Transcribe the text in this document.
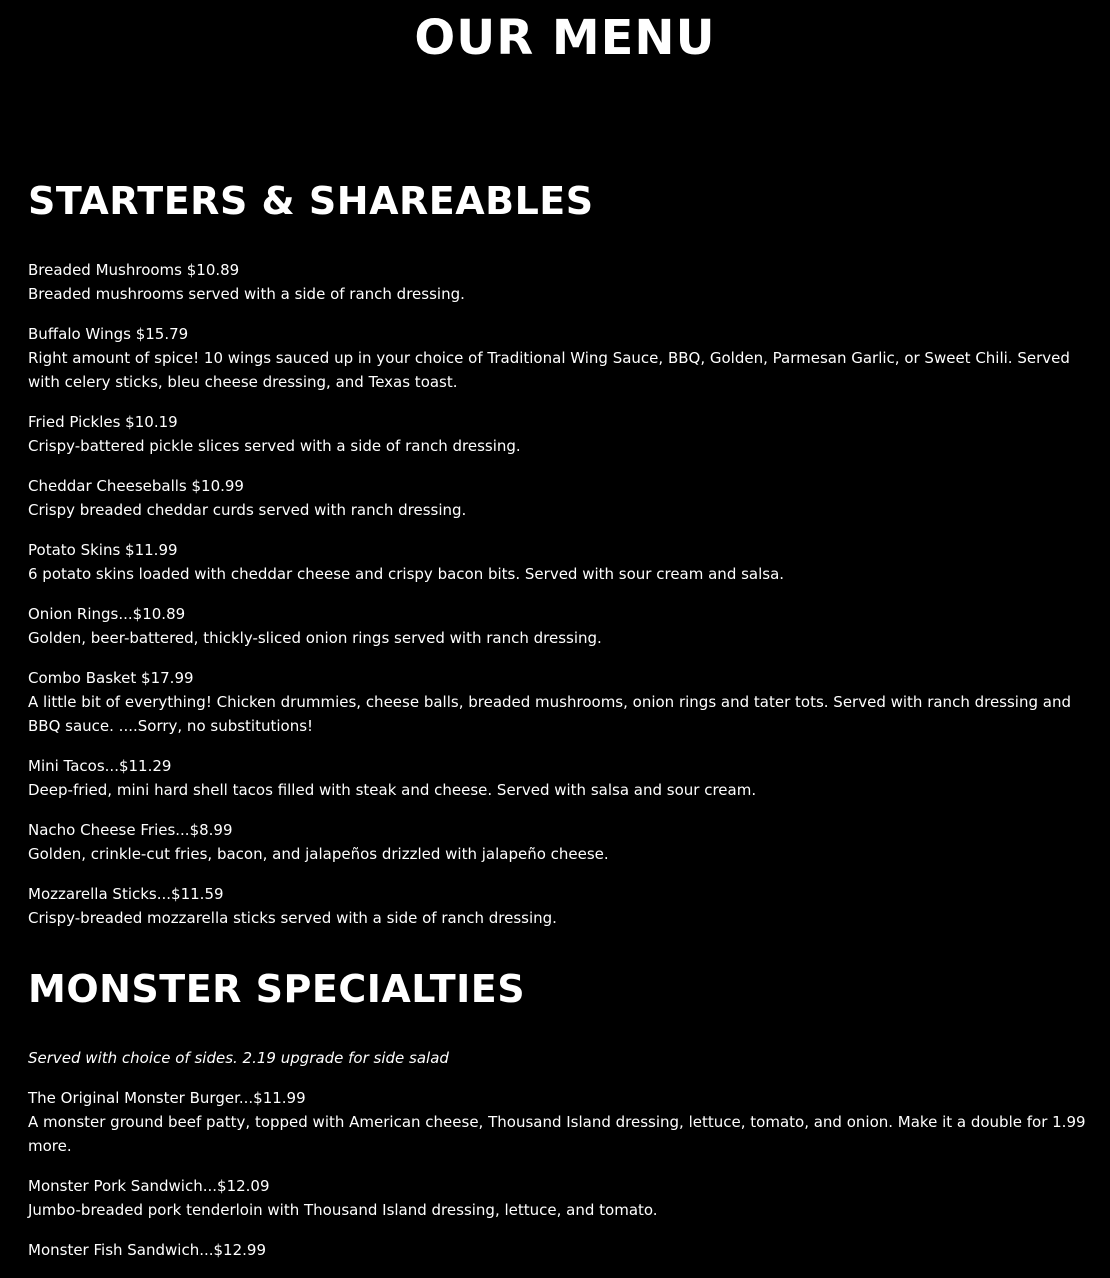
OUR MENU
STARTERS & SHAREABLES
Breaded Mushrooms $10.89
Breaded mushrooms served with a side of ranch dressing.
Buffalo Wings $15.79
Right amount of spice! 10 wings sauced up in your choice of Traditional Wing Sauce, BBQ, Golden, Parmesan Garlic, or Sweet Chili. Served with celery sticks, bleu cheese dressing, and Texas toast.
Fried Pickles $10.19
Crispy-battered pickle slices served with a side of ranch dressing.
Cheddar Cheeseballs $10.99
Crispy breaded cheddar curds served with ranch dressing.
Potato Skins $11.99
6 potato skins loaded with cheddar cheese and crispy bacon bits. Served with sour cream and salsa.
Onion Rings...$10.89
Golden, beer-battered, thickly-sliced onion rings served with ranch dressing.
Combo Basket $17.99
A little bit of everything! Chicken drummies, cheese balls, breaded mushrooms, onion rings and tater tots. Served with ranch dressing and BBQ sauce. ....Sorry, no substitutions!
Mini Tacos...$11.29
Deep-fried, mini hard shell tacos filled with steak and cheese. Served with salsa and sour cream.
Nacho Cheese Fries...$8.99
Golden, crinkle-cut fries, bacon, and jalapeños drizzled with jalapeño cheese.
Mozzarella Sticks...$11.59
Crispy-breaded mozzarella sticks served with a side of ranch dressing.
MONSTER SPECIALTIES
Served with choice of sides. 2.19 upgrade for side salad
The Original Monster Burger...$11.99
A monster ground beef patty, topped with American cheese, Thousand Island dressing, lettuce, tomato, and onion. Make it a double for 1.99 more.
Monster Pork Sandwich...$12.09
Jumbo-breaded pork tenderloin with Thousand Island dressing, lettuce, and tomato.
Monster Fish Sandwich...$12.99
